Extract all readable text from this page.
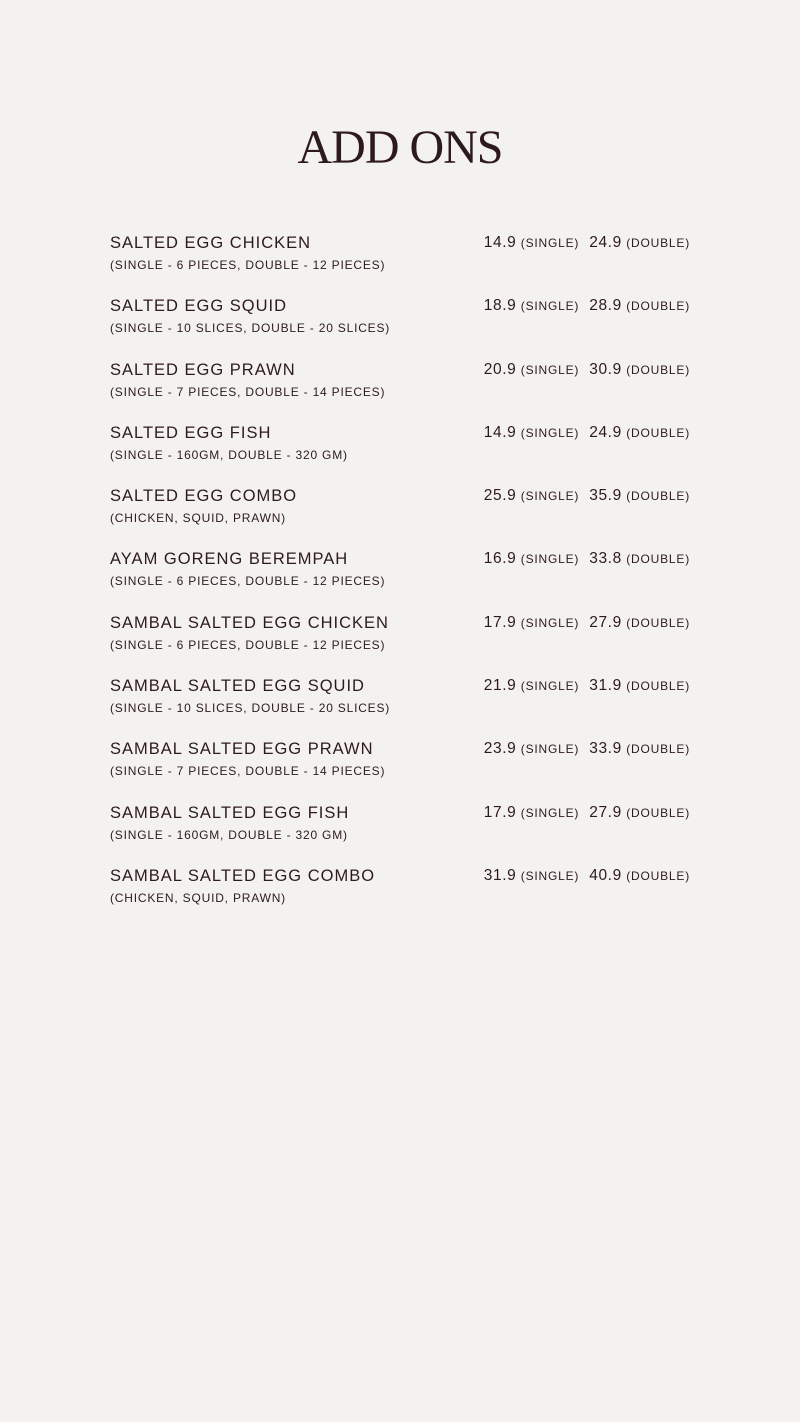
ADD ONS
SALTED EGG CHICKEN
(SINGLE - 6 PIECES, DOUBLE - 12 PIECES)
14.9 (SINGLE) 24.9 (DOUBLE)
SALTED EGG SQUID
(SINGLE - 10 SLICES, DOUBLE - 20 SLICES)
18.9 (SINGLE) 28.9 (DOUBLE)
SALTED EGG PRAWN
(SINGLE - 7 PIECES, DOUBLE - 14 PIECES)
20.9 (SINGLE) 30.9 (DOUBLE)
SALTED EGG FISH
(SINGLE - 160GM, DOUBLE - 320 GM)
14.9 (SINGLE) 24.9 (DOUBLE)
SALTED EGG COMBO
(CHICKEN, SQUID, PRAWN)
25.9 (SINGLE) 35.9 (DOUBLE)
AYAM GORENG BEREMPAH
(SINGLE - 6 PIECES, DOUBLE - 12 PIECES)
16.9 (SINGLE) 33.8 (DOUBLE)
SAMBAL SALTED EGG CHICKEN
(SINGLE - 6 PIECES, DOUBLE - 12 PIECES)
17.9 (SINGLE) 27.9 (DOUBLE)
SAMBAL SALTED EGG SQUID
(SINGLE - 10 SLICES, DOUBLE - 20 SLICES)
21.9 (SINGLE) 31.9 (DOUBLE)
SAMBAL SALTED EGG PRAWN
(SINGLE - 7 PIECES, DOUBLE - 14 PIECES)
23.9 (SINGLE) 33.9 (DOUBLE)
SAMBAL SALTED EGG FISH
(SINGLE - 160GM, DOUBLE - 320 GM)
17.9 (SINGLE) 27.9 (DOUBLE)
SAMBAL SALTED EGG COMBO
(CHICKEN, SQUID, PRAWN)
31.9 (SINGLE) 40.9 (DOUBLE)
